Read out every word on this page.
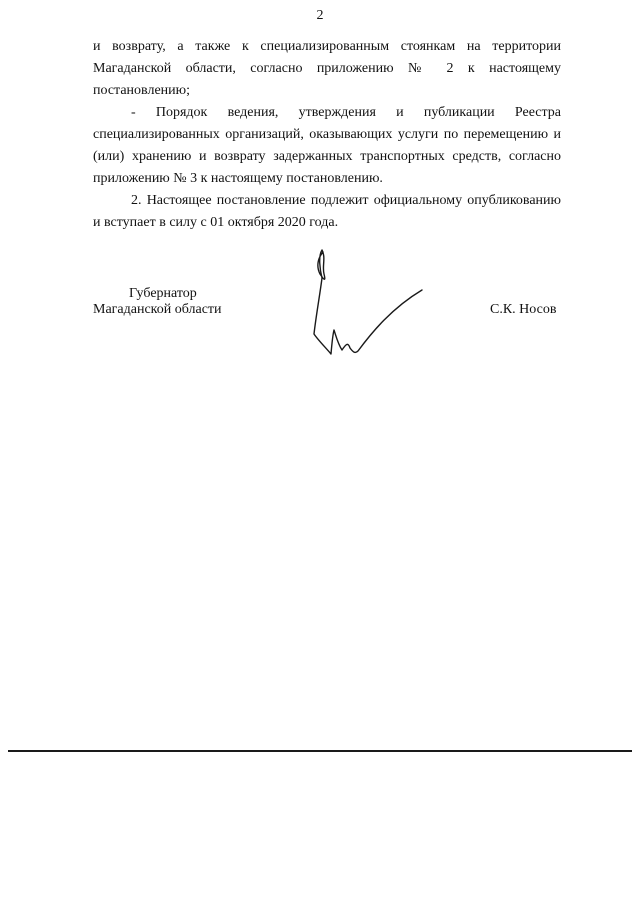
2

и возврату, а также к специализированным стоянкам на территории Магаданской области, согласно приложению № 2 к настоящему постановлению;

- Порядок ведения, утверждения и публикации Реестра специализированных организаций, оказывающих услуги по перемещению и (или) хранению и возврату задержанных транспортных средств, согласно приложению № 3 к настоящему постановлению.

2. Настоящее постановление подлежит официальному опубликованию и вступает в силу с 01 октября 2020 года.

Губернатор
Магаданской области	С.К. Носов
